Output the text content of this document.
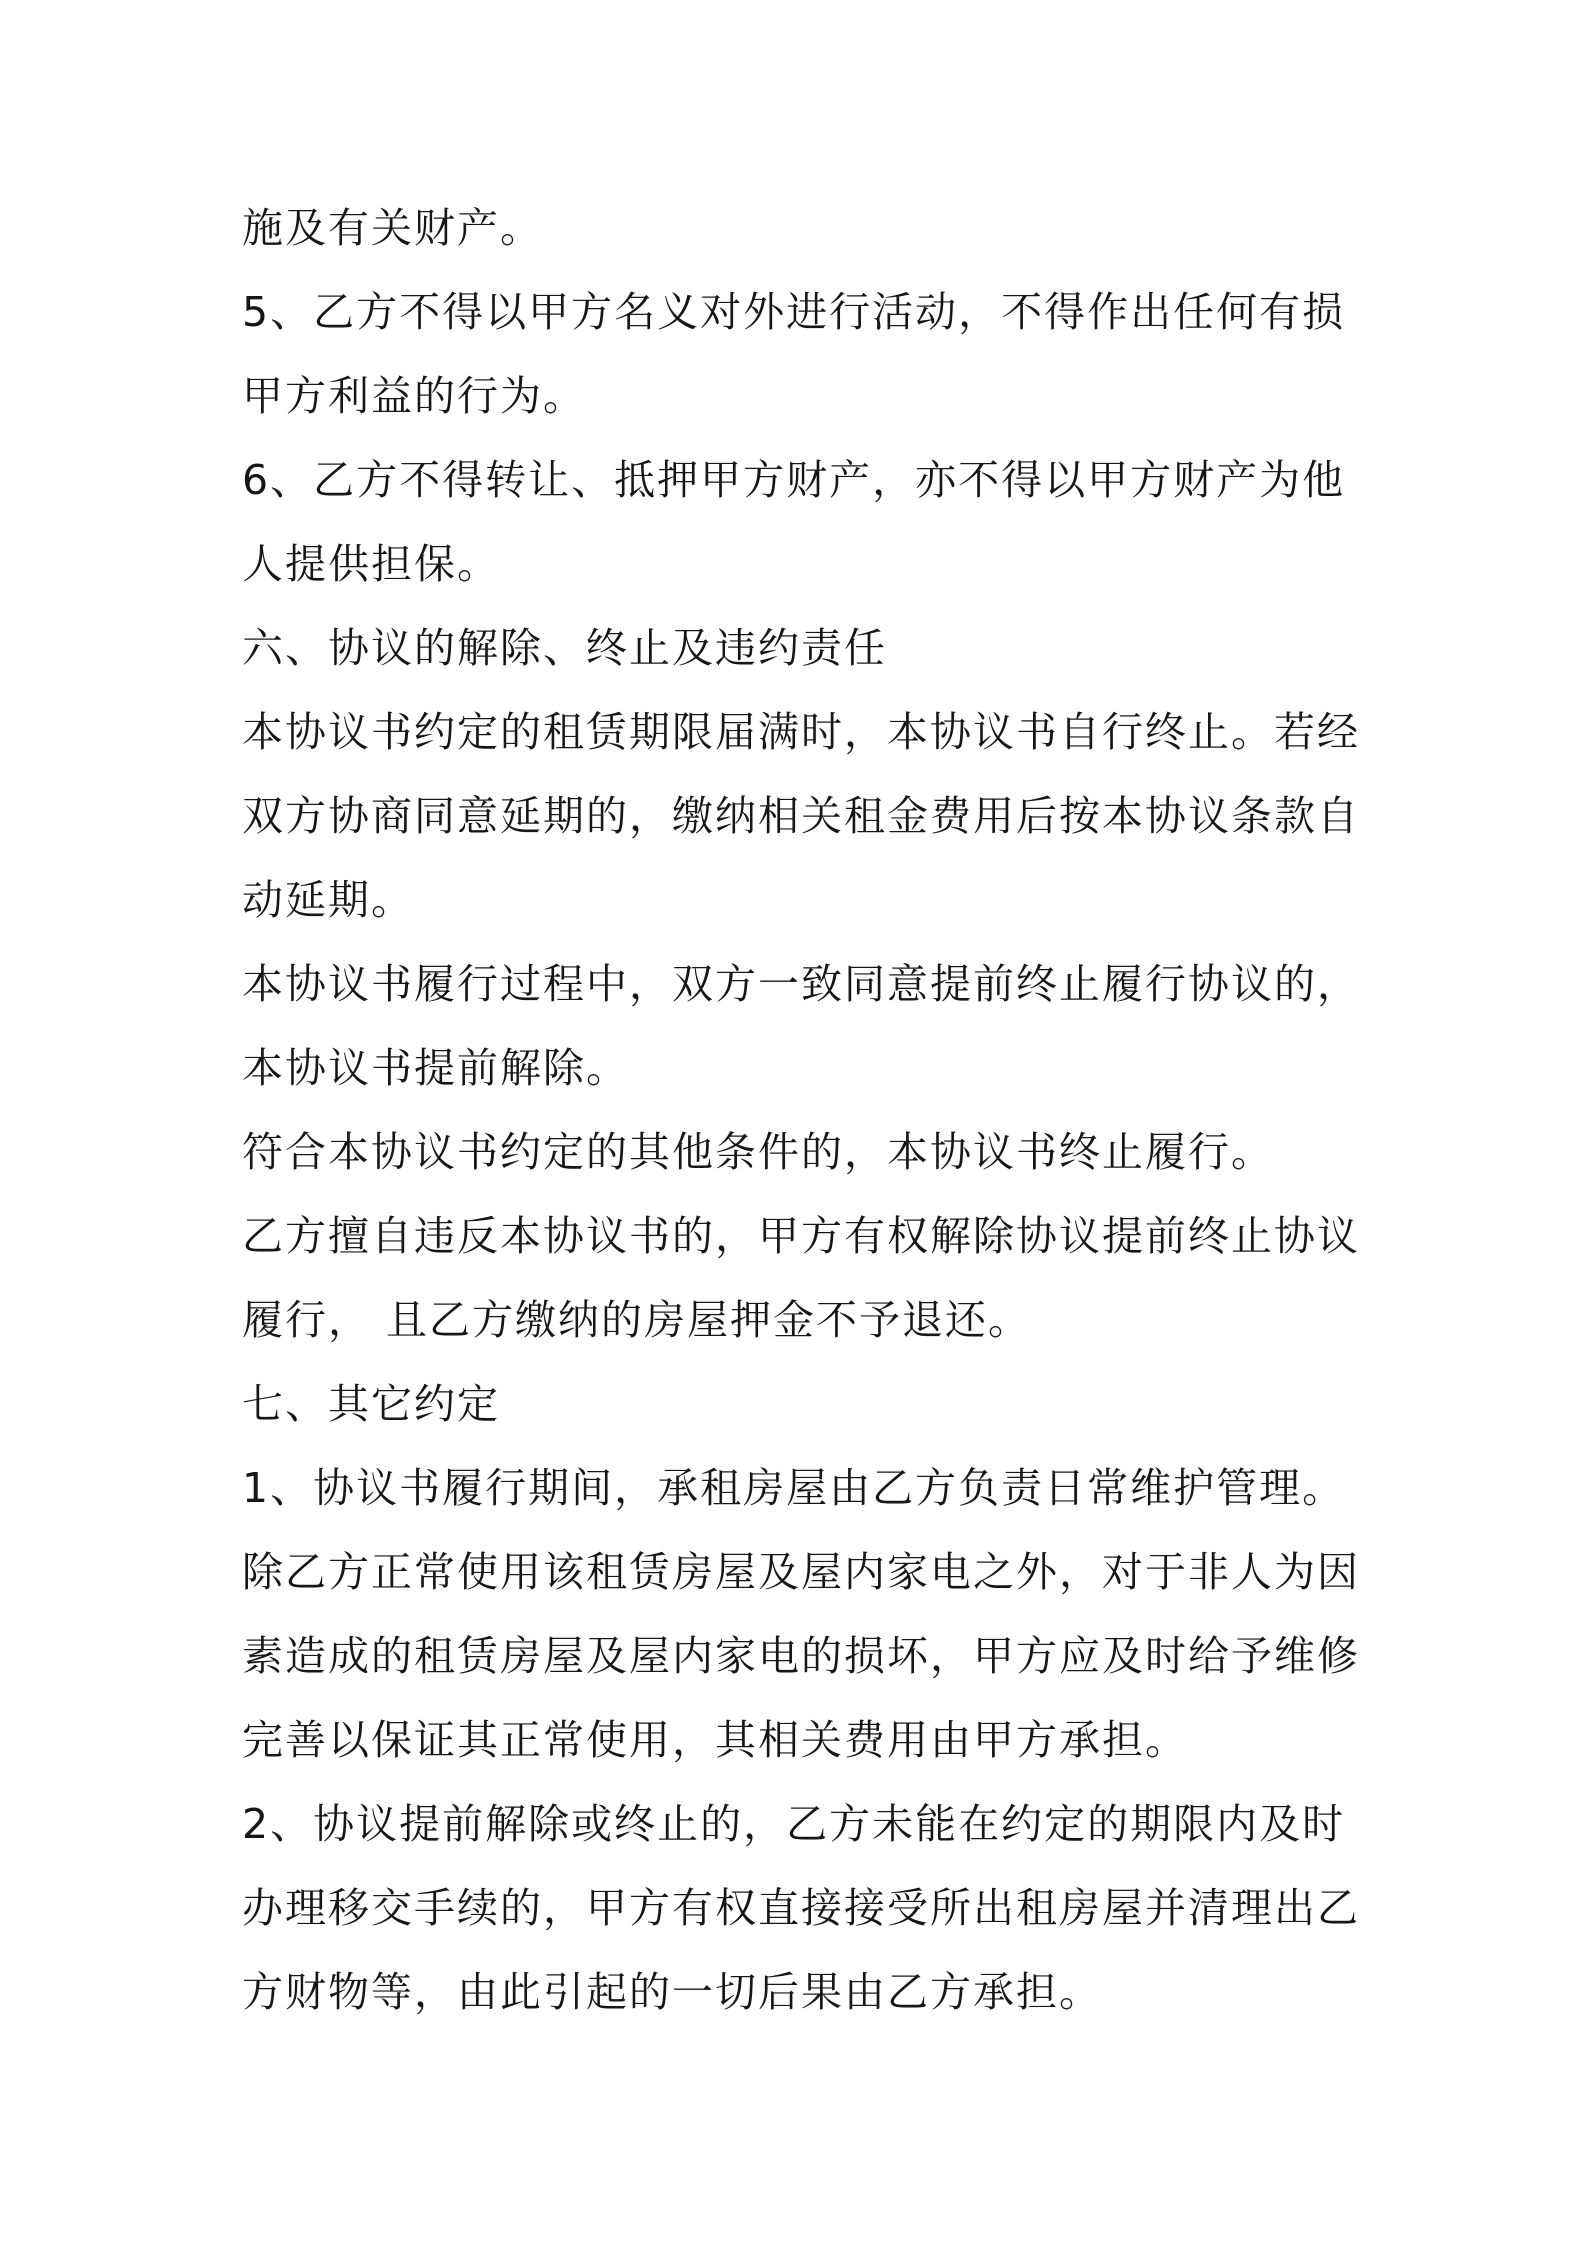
施及有关财产。

5、乙方不得以甲方名义对外进行活动，不得作出任何有损

甲方利益的行为。

6、乙方不得转让、抵押甲方财产，亦不得以甲方财产为他

人提供担保。

六、协议的解除、终止及违约责任

本协议书约定的租赁期限届满时，本协议书自行终止。若经

双方协商同意延期的，缴纳相关租金费用后按本协议条款自

动延期。

本协议书履行过程中，双方一致同意提前终止履行协议的，

本协议书提前解除。

符合本协议书约定的其他条件的，本协议书终止履行。

乙方擅自违反本协议书的，甲方有权解除协议提前终止协议

履行， 且乙方缴纳的房屋押金不予退还。

七、其它约定

1、协议书履行期间，承租房屋由乙方负责日常维护管理。

除乙方正常使用该租赁房屋及屋内家电之外，对于非人为因

素造成的租赁房屋及屋内家电的损坏，甲方应及时给予维修

完善以保证其正常使用，其相关费用由甲方承担。

2、协议提前解除或终止的，乙方未能在约定的期限内及时

办理移交手续的，甲方有权直接接受所出租房屋并清理出乙

方财物等，由此引起的一切后果由乙方承担。
